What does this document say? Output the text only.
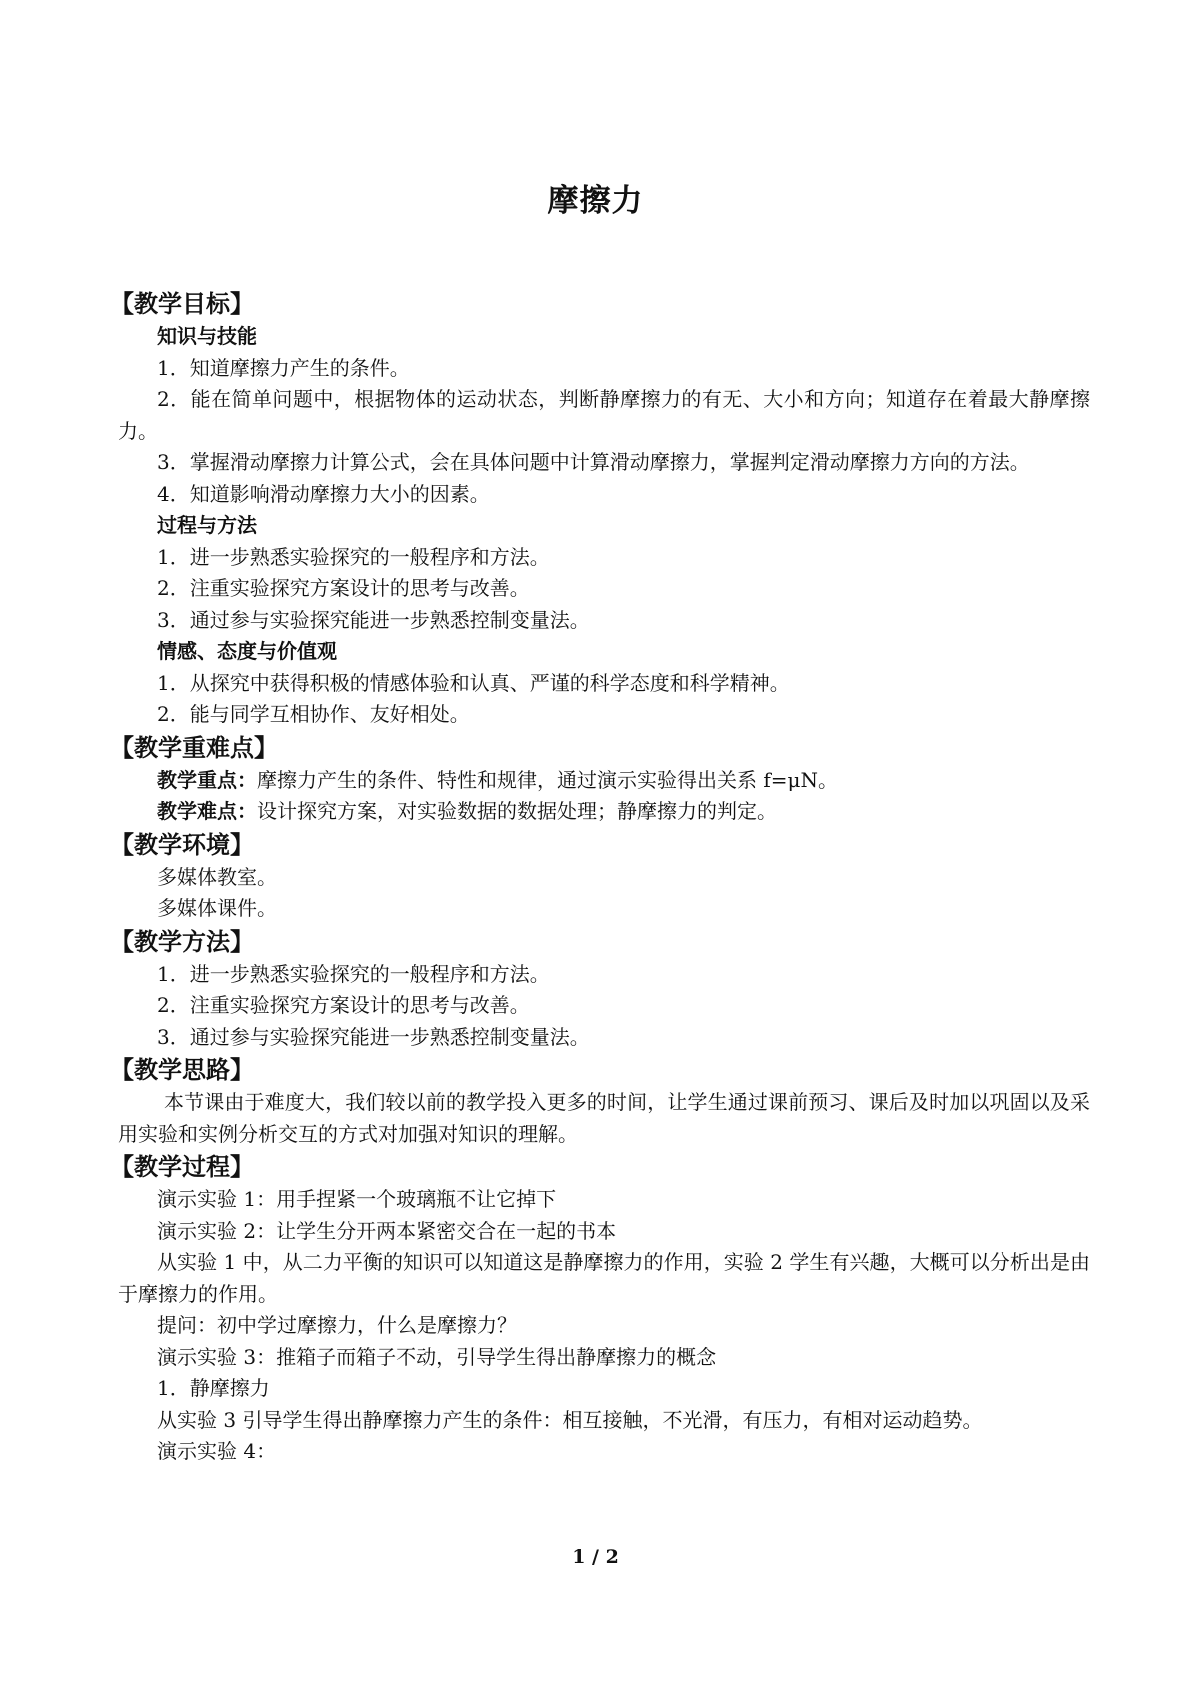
摩擦力
【教学目标】
知识与技能
1．知道摩擦力产生的条件。
2．能在简单问题中，根据物体的运动状态，判断静摩擦力的有无、大小和方向；知道存在着最大静摩擦力。
3．掌握滑动摩擦力计算公式，会在具体问题中计算滑动摩擦力，掌握判定滑动摩擦力方向的方法。
4．知道影响滑动摩擦力大小的因素。
过程与方法
1．进一步熟悉实验探究的一般程序和方法。
2．注重实验探究方案设计的思考与改善。
3．通过参与实验探究能进一步熟悉控制变量法。
情感、态度与价值观
1．从探究中获得积极的情感体验和认真、严谨的科学态度和科学精神。
2．能与同学互相协作、友好相处。
【教学重难点】
教学重点：摩擦力产生的条件、特性和规律，通过演示实验得出关系 f=μN。
教学难点：设计探究方案，对实验数据的数据处理；静摩擦力的判定。
【教学环境】
多媒体教室。
多媒体课件。
【教学方法】
1．进一步熟悉实验探究的一般程序和方法。
2．注重实验探究方案设计的思考与改善。
3．通过参与实验探究能进一步熟悉控制变量法。
【教学思路】
本节课由于难度大，我们较以前的教学投入更多的时间，让学生通过课前预习、课后及时加以巩固以及采用实验和实例分析交互的方式对加强对知识的理解。
【教学过程】
演示实验 1：用手捏紧一个玻璃瓶不让它掉下
演示实验 2：让学生分开两本紧密交合在一起的书本
从实验 1 中，从二力平衡的知识可以知道这是静摩擦力的作用，实验 2 学生有兴趣，大概可以分析出是由于摩擦力的作用。
提问：初中学过摩擦力，什么是摩擦力？
演示实验 3：推箱子而箱子不动，引导学生得出静摩擦力的概念
1．静摩擦力
从实验 3 引导学生得出静摩擦力产生的条件：相互接触，不光滑，有压力，有相对运动趋势。
演示实验 4：
1 / 2
